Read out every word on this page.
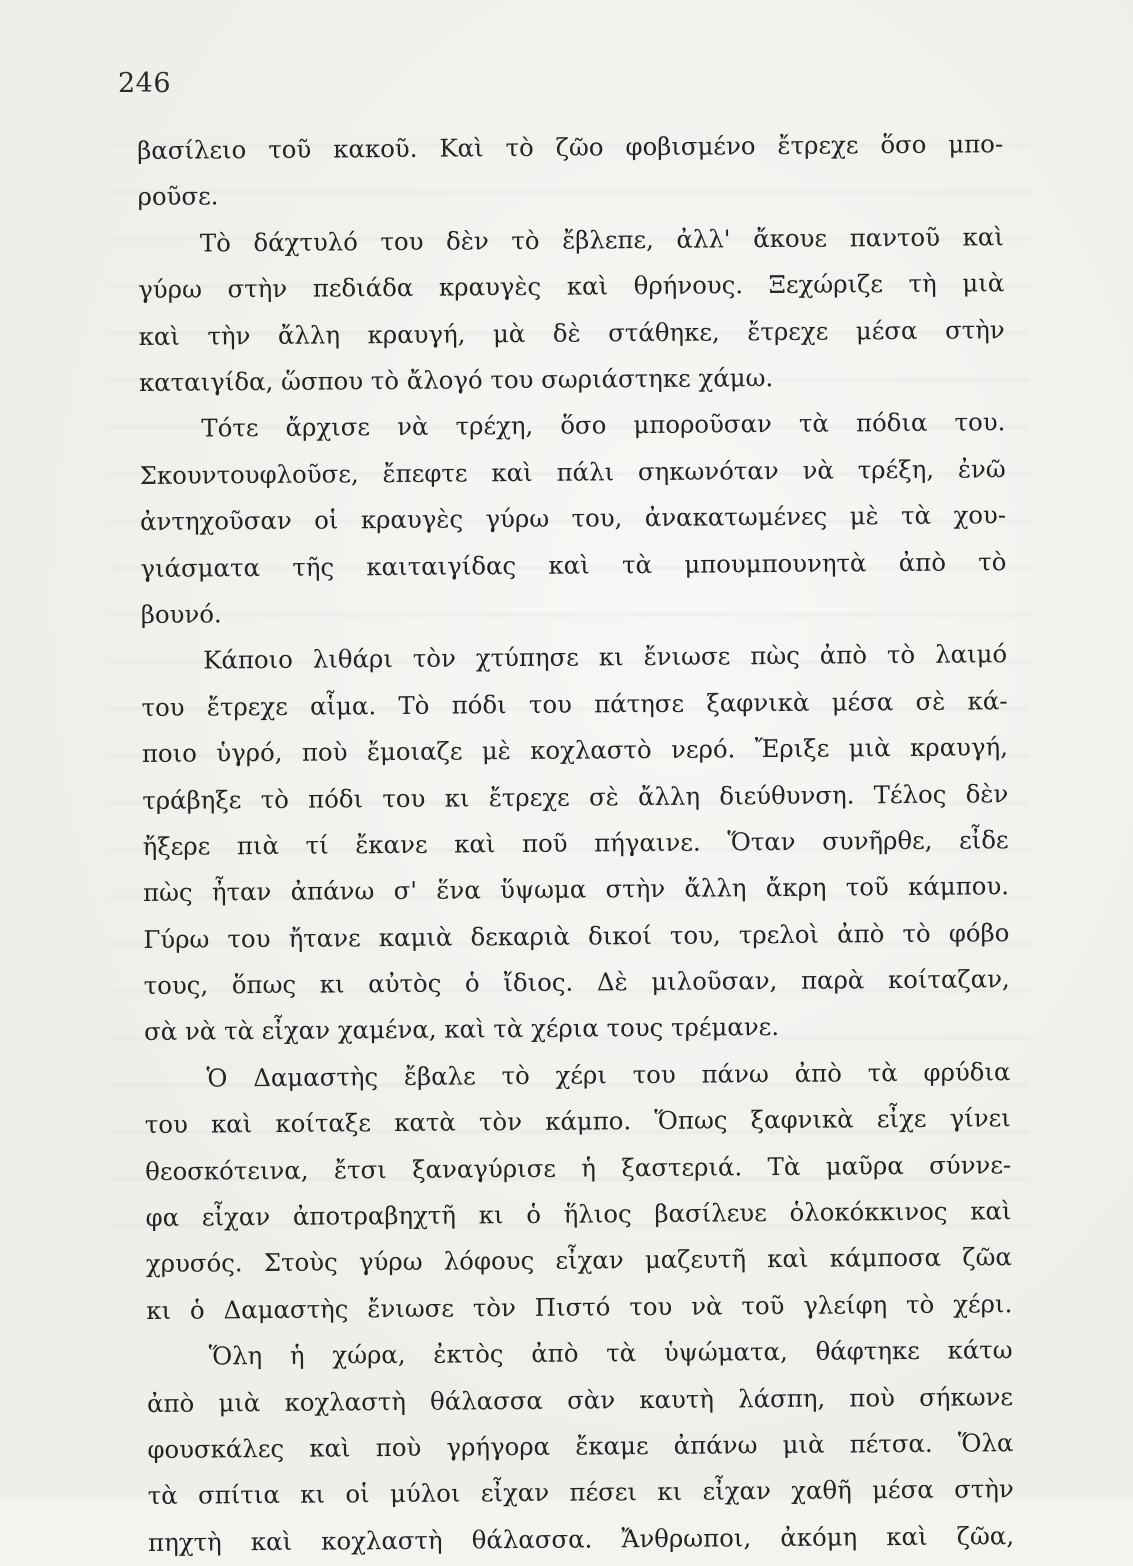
246
βασίλειο τοῦ κακοῦ. Καὶ τὸ ζῶο φοβισμένο ἔτρεχε ὅσο μπο-
ροῦσε.
Τὸ δάχτυλό του δὲν τὸ ἔβλεπε, ἀλλ' ἄκουε παντοῦ καὶ
γύρω στὴν πεδιάδα κραυγὲς καὶ θρήνους. Ξεχώριζε τὴ μιὰ
καὶ τὴν ἄλλη κραυγή, μὰ δὲ στάθηκε, ἔτρεχε μέσα στὴν
καταιγίδα, ὥσπου τὸ ἄλογό του σωριάστηκε χάμω.
Τότε ἄρχισε νὰ τρέχη, ὅσο μποροῦσαν τὰ πόδια του.
Σκουντουφλοῦσε, ἔπεφτε καὶ πάλι σηκωνόταν νὰ τρέξη, ἐνῶ
ἀντηχοῦσαν οἱ κραυγὲς γύρω του, ἀνακατωμένες μὲ τὰ χου-
γιάσματα τῆς καιταιγίδας καὶ τὰ μπουμπουνητὰ ἀπὸ τὸ
βουνό.
Κάποιο λιθάρι τὸν χτύπησε κι ἔνιωσε πὼς ἀπὸ τὸ λαιμό
του ἔτρεχε αἷμα. Τὸ πόδι του πάτησε ξαφνικὰ μέσα σὲ κά-
ποιο ὑγρό, ποὺ ἔμοιαζε μὲ κοχλαστὸ νερό. Ἔριξε μιὰ κραυγή,
τράβηξε τὸ πόδι του κι ἔτρεχε σὲ ἄλλη διεύθυνση. Τέλος δὲν
ἤξερε πιὰ τί ἔκανε καὶ ποῦ πήγαινε. Ὅταν συνῆρθε, εἶδε
πὼς ἦταν ἀπάνω σ' ἕνα ὕψωμα στὴν ἄλλη ἄκρη τοῦ κάμπου.
Γύρω του ἤτανε καμιὰ δεκαριὰ δικοί του, τρελοὶ ἀπὸ τὸ φόβο
τους, ὅπως κι αὐτὸς ὁ ἴδιος. Δὲ μιλοῦσαν, παρὰ κοίταζαν,
σὰ νὰ τὰ εἶχαν χαμένα, καὶ τὰ χέρια τους τρέμανε.
Ὁ Δαμαστὴς ἔβαλε τὸ χέρι του πάνω ἀπὸ τὰ φρύδια
του καὶ κοίταξε κατὰ τὸν κάμπο. Ὅπως ξαφνικὰ εἶχε γίνει
θεοσκότεινα, ἔτσι ξαναγύρισε ἡ ξαστεριά. Τὰ μαῦρα σύννε-
φα εἶχαν ἀποτραβηχτῆ κι ὁ ἥλιος βασίλευε ὁλοκόκκινος καὶ
χρυσός. Στοὺς γύρω λόφους εἶχαν μαζευτῆ καὶ κάμποσα ζῶα
κι ὁ Δαμαστὴς ἔνιωσε τὸν Πιστό του νὰ τοῦ γλείφη τὸ χέρι.
Ὅλη ἡ χώρα, ἐκτὸς ἀπὸ τὰ ὑψώματα, θάφτηκε κάτω
ἀπὸ μιὰ κοχλαστὴ θάλασσα σὰν καυτὴ λάσπη, ποὺ σήκωνε
φουσκάλες καὶ ποὺ γρήγορα ἔκαμε ἀπάνω μιὰ πέτσα. Ὅλα
τὰ σπίτια κι οἱ μύλοι εἶχαν πέσει κι εἶχαν χαθῆ μέσα στὴν
πηχτὴ καὶ κοχλαστὴ θάλασσα. Ἄνθρωποι, ἀκόμη καὶ ζῶα,
